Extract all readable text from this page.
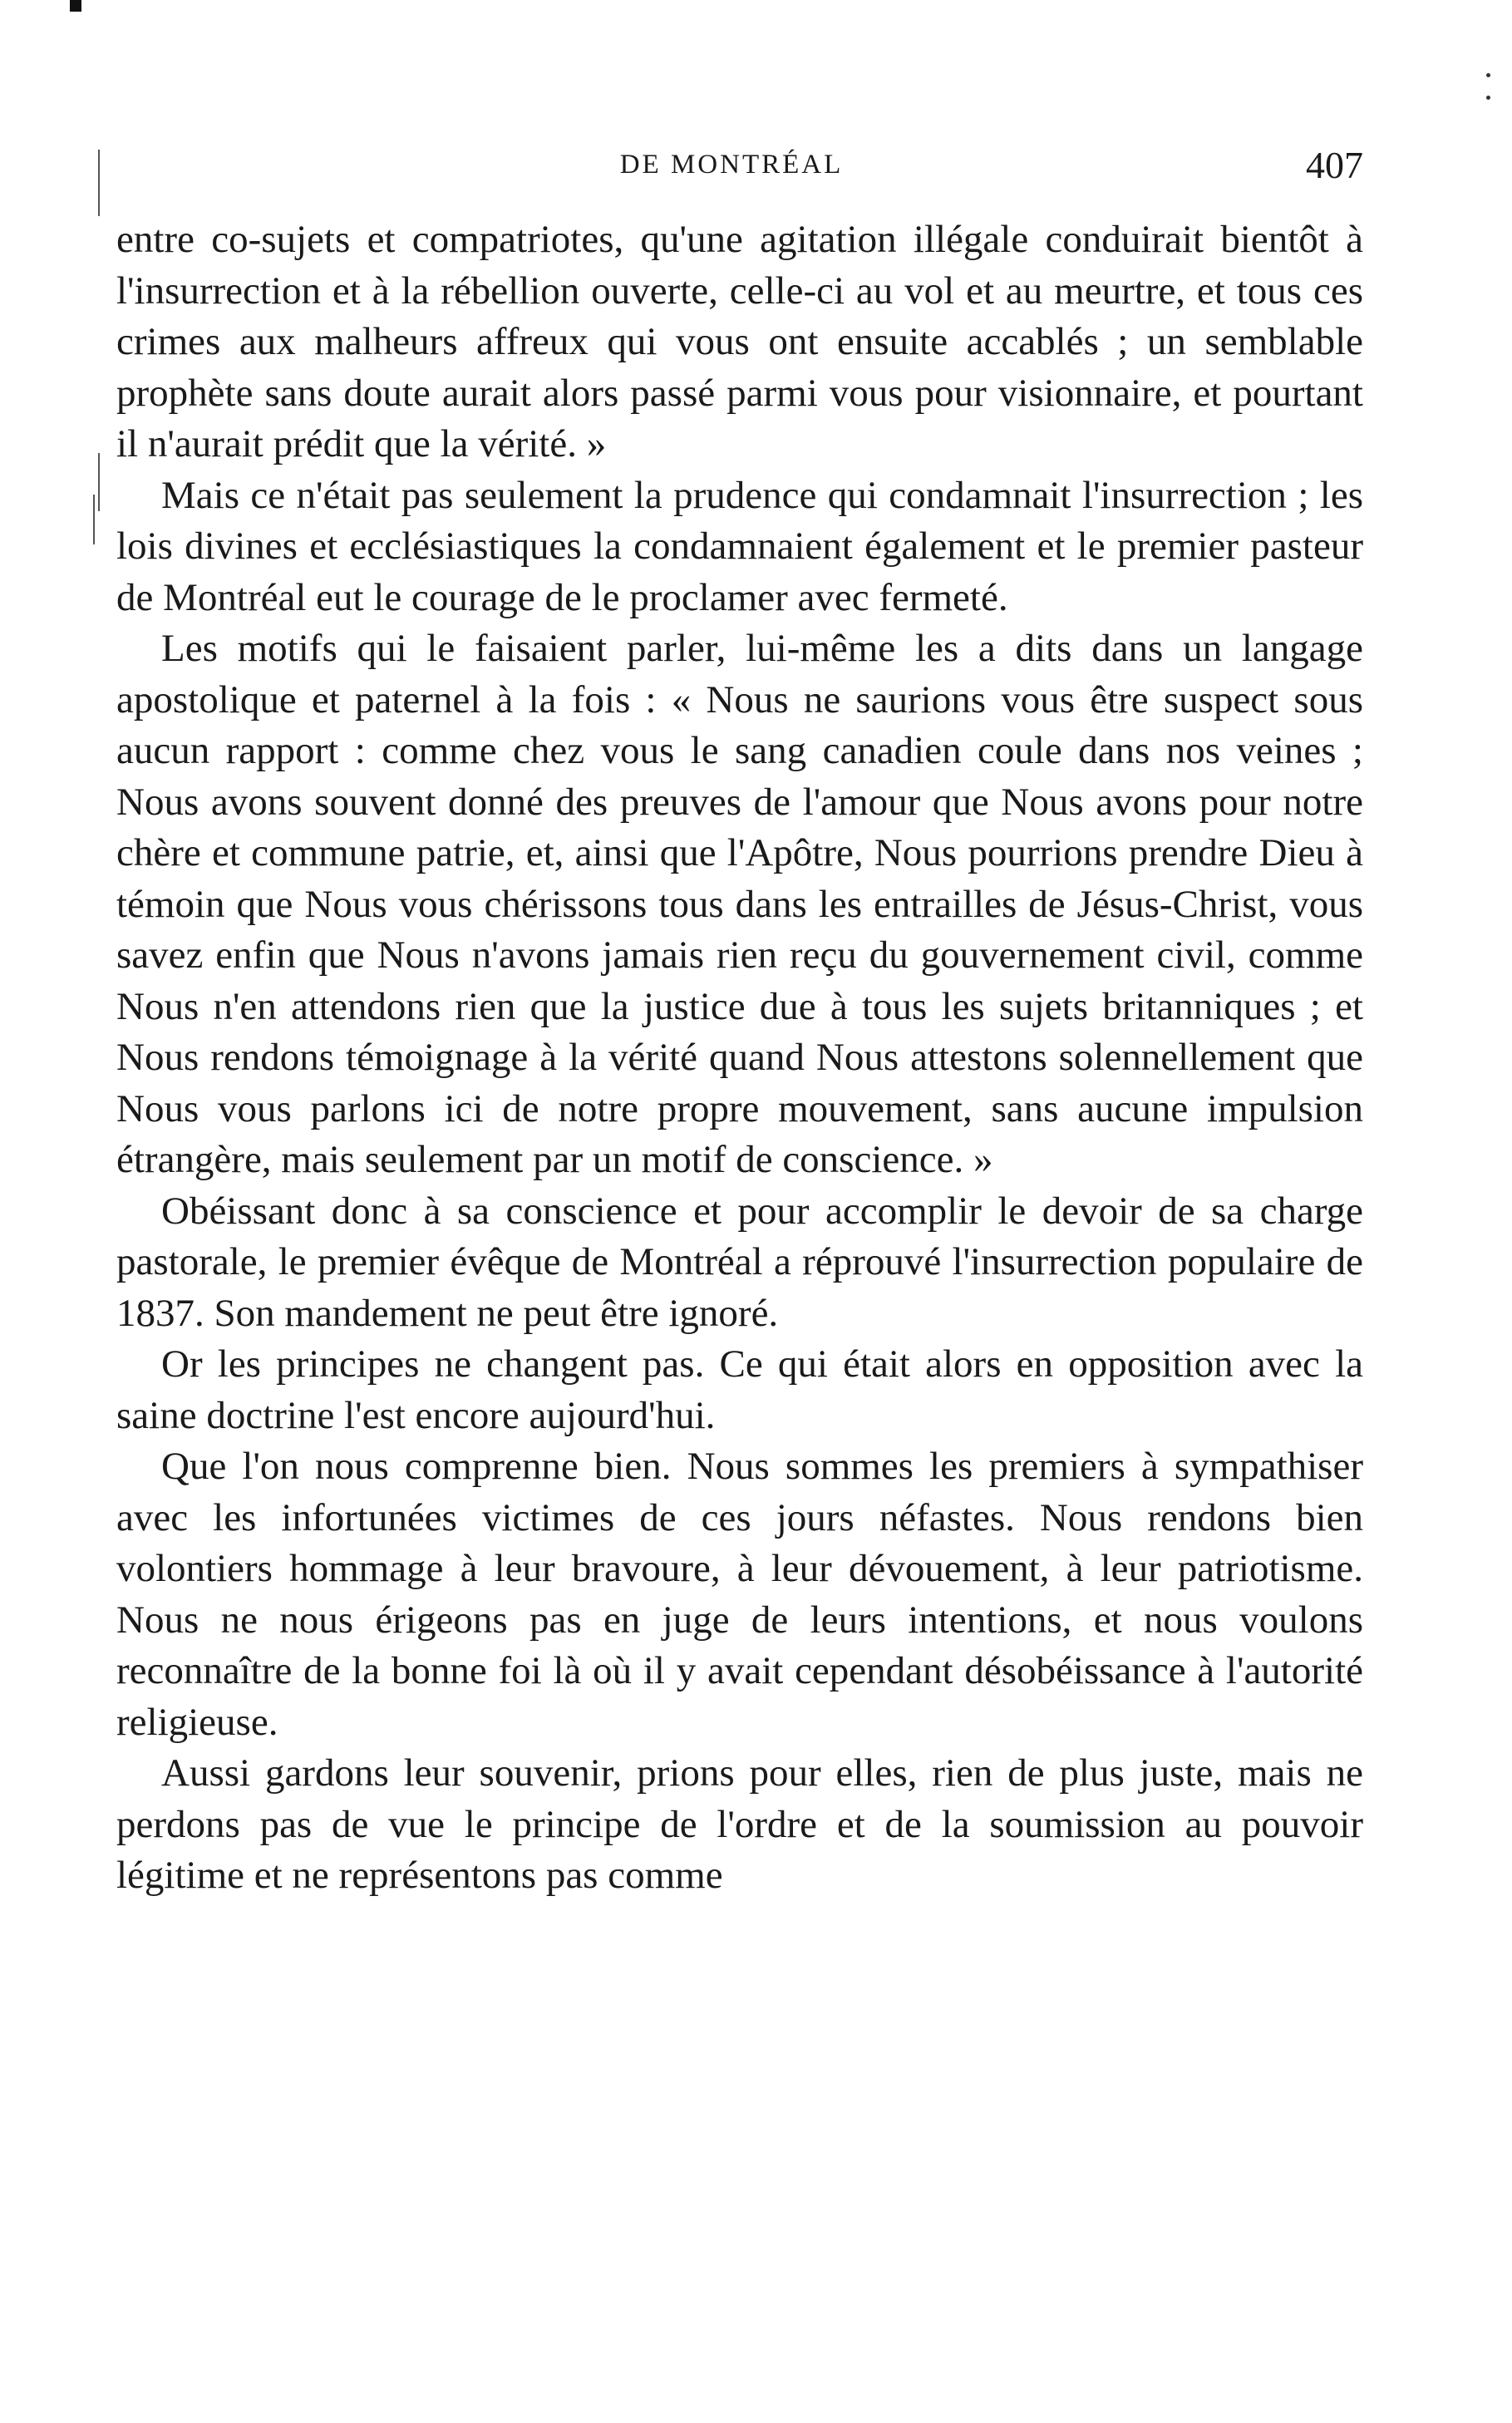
DE MONTRÉAL	407

entre co-sujets et compatriotes, qu'une agitation illégale conduirait bientôt à l'insurrection et à la rébellion ouverte, celle-ci au vol et au meurtre, et tous ces crimes aux malheurs affreux qui vous ont ensuite accablés ; un semblable prophète sans doute aurait alors passé parmi vous pour visionnaire, et pourtant il n'aurait prédit que la vérité. »

Mais ce n'était pas seulement la prudence qui condamnait l'insurrection ; les lois divines et ecclésiastiques la condamnaient également et le premier pasteur de Montréal eut le courage de le proclamer avec fermeté.

Les motifs qui le faisaient parler, lui-même les a dits dans un langage apostolique et paternel à la fois : « Nous ne saurions vous être suspect sous aucun rapport : comme chez vous le sang canadien coule dans nos veines ; Nous avons souvent donné des preuves de l'amour que Nous avons pour notre chère et commune patrie, et, ainsi que l'Apôtre, Nous pourrions prendre Dieu à témoin que Nous vous chérissons tous dans les entrailles de Jésus-Christ, vous savez enfin que Nous n'avons jamais rien reçu du gouvernement civil, comme Nous n'en attendons rien que la justice due à tous les sujets britanniques ; et Nous rendons témoignage à la vérité quand Nous attestons solennellement que Nous vous parlons ici de notre propre mouvement, sans aucune impulsion étrangère, mais seulement par un motif de conscience. »

Obéissant donc à sa conscience et pour accomplir le devoir de sa charge pastorale, le premier évêque de Montréal a réprouvé l'insurrection populaire de 1837. Son mandement ne peut être ignoré.

Or les principes ne changent pas. Ce qui était alors en opposition avec la saine doctrine l'est encore aujourd'hui.

Que l'on nous comprenne bien. Nous sommes les premiers à sympathiser avec les infortunées victimes de ces jours néfastes. Nous rendons bien volontiers hommage à leur bravoure, à leur dévouement, à leur patriotisme. Nous ne nous érigeons pas en juge de leurs intentions, et nous voulons reconnaître de la bonne foi là où il y avait cependant désobéissance à l'autorité religieuse.

Aussi gardons leur souvenir, prions pour elles, rien de plus juste, mais ne perdons pas de vue le principe de l'ordre et de la soumission au pouvoir légitime et ne représentons pas comme
